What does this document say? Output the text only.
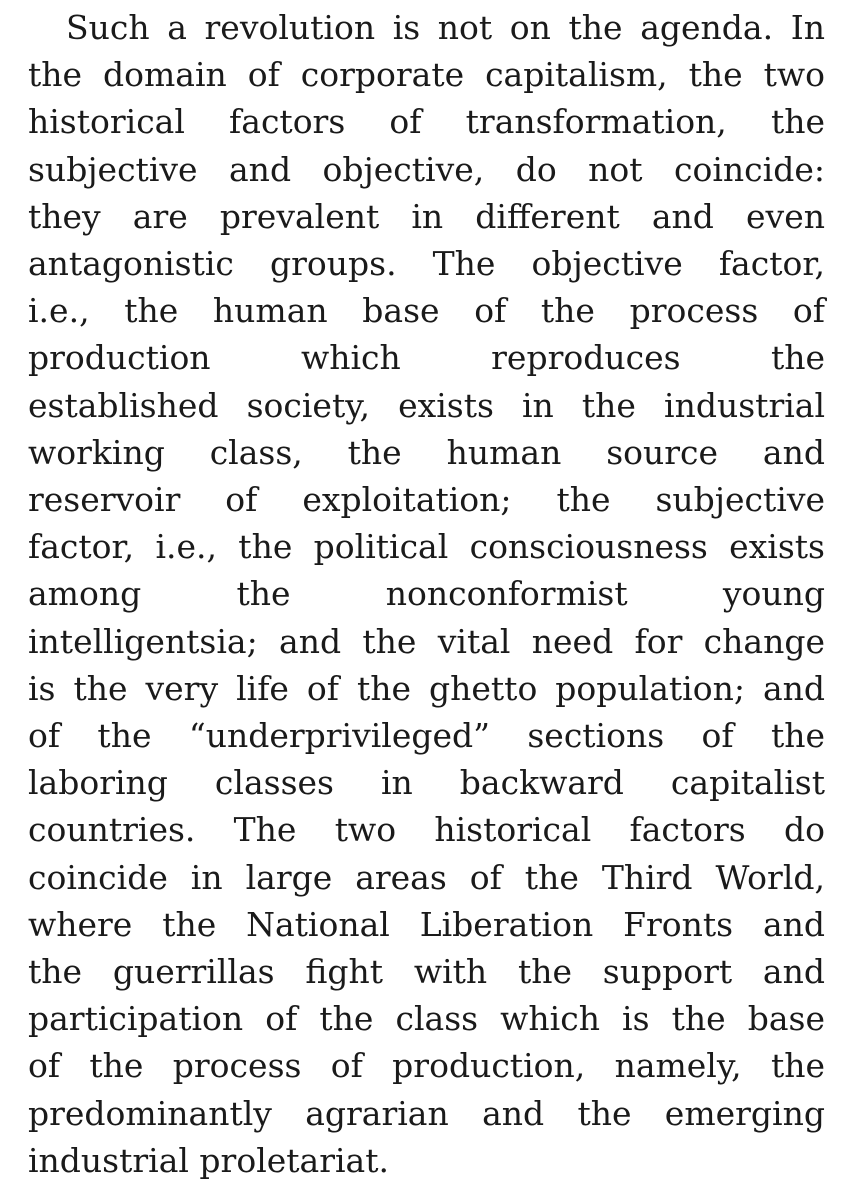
Such a revolution is not on the agenda. In
the domain of corporate capitalism, the two
historical factors of transformation, the
subjective and objective, do not coincide:
they are prevalent in different and even
antagonistic groups. The objective factor,
i.e., the human base of the process of
production which reproduces the
established society, exists in the industrial
working class, the human source and
reservoir of exploitation; the subjective
factor, i.e., the political consciousness exists
among the nonconformist young
intelligentsia; and the vital need for change
is the very life of the ghetto population; and
of the “underprivileged” sections of the
laboring classes in backward capitalist
countries. The two historical factors do
coincide in large areas of the Third World,
where the National Liberation Fronts and
the guerrillas fight with the support and
participation of the class which is the base
of the process of production, namely, the
predominantly agrarian and the emerging
industrial proletariat.
